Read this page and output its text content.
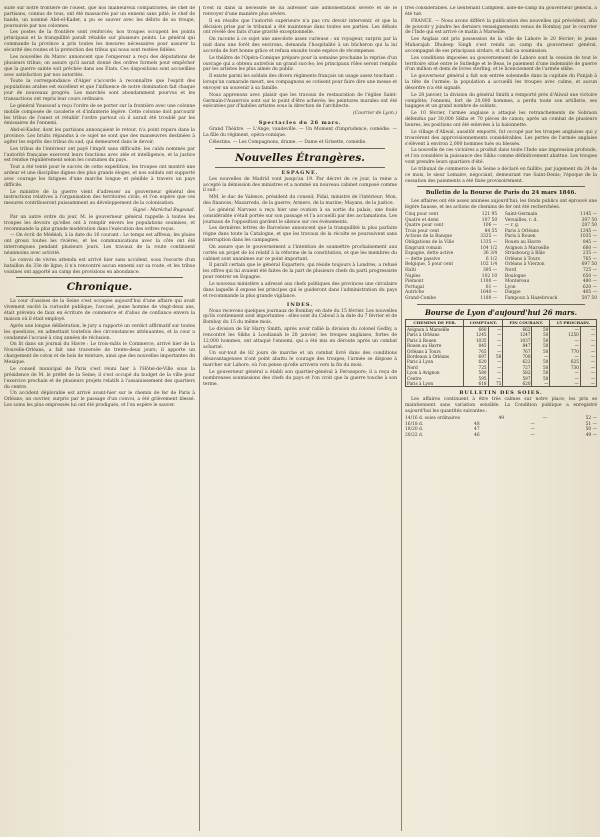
suite sur notre frontière de l'ouest, que nos malheureux compatriotes, de chef de partisans, connus de tous, ont été massacrés par un ennemi sans pitié; le chef de bande, un nommé Abd-el-Kader, a pu se sauver avec les débris de sa troupe, poursuivie par nos colonnes.

Les postes de la frontière sont renforcés; nos troupes occupent les points principaux et la tranquillité paraît rétablie sur plusieurs points. Le général qui commande la province a pris toutes les mesures nécessaires pour assurer la sécurité des routes et la protection des tribus qui nous sont restées fidèles.

Les nouvelles du Maroc annoncent que l'empereur a reçu des députations de plusieurs tribus; on assure qu'il aurait donné des ordres formels pour empêcher que la guerre sainte soit prêchée dans ses États. Ces dispositions sont accueillies avec satisfaction par nos autorités.

Toute la correspondance d'Alger s'accorde à reconnaître que l'esprit des populations arabes est excellent et que l'influence de notre domination fait chaque jour de nouveaux progrès. Les marchés sont abondamment pourvus et les transactions ont repris leur cours ordinaire.

Le général Youssouf a reçu l'ordre de se porter sur la frontière avec une colonne mobile composée de cavalerie et d'infanterie légère. Cette colonne doit parcourir les tribus de l'ouest et rétablir l'ordre partout où il aurait été troublé par les émissaires de l'ennemi.

Abd-el-Kader, dont les partisans annonçaient le retour, n'a point reparu dans la province. Les bruits répandus à ce sujet ne sont que des manœuvres destinées à agiter les esprits des tribus du sud, qui demeurent dans le devoir.

Les tribus de l'intérieur ont payé l'impôt sans difficulté; les caïds nommés par l'autorité française exercent leurs fonctions avec zèle et intelligence, et la justice est rendue régulièrement selon les coutumes du pays.

Tout a été tenté pour le succès de cette expédition; les troupes ont montré une ardeur et une discipline dignes des plus grands éloges, et nos soldats ont supporté avec courage les fatigues d'une marche longue et pénible à travers un pays difficile.

Le ministre de la guerre vient d'adresser au gouverneur général des instructions relatives à l'organisation des territoires civils, et l'on espère que ces mesures contribueront puissamment au développement de la colonisation.

Signé : Maréchal Bugeaud.

Par un autre ordre du jour, M. le gouverneur général rappelle à toutes les troupes les devoirs qu'elles ont à remplir envers les populations soumises, et recommande la plus grande modération dans l'exécution des ordres reçus.

— On écrit de Médéah, à la date du 16 courant : Le temps est affreux; les pluies ont grossi toutes les rivières, et les communications avec la côte ont été interrompues pendant plusieurs jours. Les travaux de la route continuent néanmoins avec activité.

Le convoi de vivres attendu est arrivé hier sans accident, sous l'escorte d'un bataillon du 33e de ligne; il n'a rencontré aucun ennemi sur sa route, et les tribus voisines ont apporté au camp des provisions en abondance.

Chronique.

La cour d'assises de la Seine s'est occupée aujourd'hui d'une affaire qui avait vivement excité la curiosité publique; l'accusé, jeune homme de vingt-deux ans, était prévenu de faux en écriture de commerce et d'abus de confiance envers la maison où il était employé.

Après une longue délibération, le jury a rapporté un verdict affirmatif sur toutes les questions, en admettant toutefois des circonstances atténuantes, et la cour a condamné l'accusé à cinq années de réclusion.

On lit dans un journal du Havre : Le trois-mâts le Commerce, arrivé hier de la Nouvelle-Orléans, a fait une traversée de trente-deux jours; il apporte un chargement de coton et de bois de teinture, ainsi que des nouvelles importantes du Mexique.

Le conseil municipal de Paris s'est réuni hier à l'Hôtel-de-Ville sous la présidence de M. le préfet de la Seine; il s'est occupé du budget de la ville pour l'exercice prochain et de plusieurs projets relatifs à l'assainissement des quartiers du centre.

Un accident déplorable est arrivé avant-hier sur le chemin de fer de Paris à Orléans; un ouvrier, surpris par le passage d'un convoi, a été grièvement blessé. Les soins les plus empressés lui ont été prodigués, et l'on espère le sauver.

n'est ni dans la nécessité de lui adresser une admonestation sévère et de le renvoyer d'une manière plus sévère.

Il en résulte que l'autorité supérieure n'a pas cru devoir intervenir, et que la décision prise par le tribunal a été maintenue dans toutes ses parties. Les débats ont révélé des faits d'une gravité exceptionnelle.

On raconte à ce sujet une anecdote assez curieuse : un voyageur, surpris par la nuit dans une forêt des environs, demanda l'hospitalité à un bûcheron qui la lui accorda de fort bonne grâce et refusa ensuite toute espèce de récompense.

Le théâtre de l'Opéra-Comique prépare pour la semaine prochaine la reprise d'un ouvrage qui a obtenu autrefois un grand succès; les principaux rôles seront remplis par les artistes les plus aimés du public.

Il existe parmi les soldats des divers régiments français un usage assez touchant : lorsqu'un camarade meurt, ses compagnons se cotisent pour faire dire une messe et envoyer un souvenir à sa famille.

Nous apprenons avec plaisir que les travaux de restauration de l'église Saint-Germain-l'Auxerrois sont sur le point d'être achevés; les peintures murales ont été exécutées par d'habiles artistes sous la direction de l'architecte.

(Courrier de Lyon.)

Spectacles du 26 mars.

Grand Théâtre. — L'Ange, vaudeville. — Un Moment d'imprudence, comédie. — La fille du régiment, opéra-comique.

Célestins. — Les Compagnons, drame. — Dame et Grisette, comédie.

Nouvelles Étrangères.
ESPAGNE.

Les nouvelles de Madrid vont jusqu'au 19. Par décret de ce jour, la reine a accepté la démission des ministres et a nommé un nouveau cabinet composé comme il suit :

MM. le duc de Valence, président du conseil; Pidal, ministre de l'intérieur; Mon, des finances; Mazarredo, de la guerre; Armero, de la marine; Mayans, de la justice.

Le général Narvaez a reçu hier une ovation à sa sortie du palais; une foule considérable s'était portée sur son passage et l'a accueilli par des acclamations. Les journaux de l'opposition gardent le silence sur ces événements.

Les dernières lettres de Barcelone annoncent que la tranquillité la plus parfaite règne dans toute la Catalogne, et que les travaux de la récolte se poursuivent sans interruption dans les campagnes.

On assure que le gouvernement a l'intention de soumettre prochainement aux cortès un projet de loi relatif à la réforme de la constitution, et que les membres du cabinet sont unanimes sur ce point important.

Il paraît certain que le général Espartero, qui réside toujours à Londres, a refusé les offres qui lui avaient été faites de la part de plusieurs chefs du parti progressiste pour rentrer en Espagne.

Le nouveau ministère a adressé aux chefs politiques des provinces une circulaire dans laquelle il expose les principes qui le guideront dans l'administration du pays et recommande la plus grande vigilance.

INDES.

Nous recevons quelques journaux de Bombay en date du 15 février. Les nouvelles qu'ils contiennent sont importantes : elles sont du Caboul à la date du 7 février et de Bombay du 15 du même mois.

Le division de Sir Harry Smith, après avoir rallié la division du colonel Godby, a rencontré les Sikhs à Loodianah le 28 janvier; les troupes anglaises, fortes de 12,000 hommes, ont attaqué l'ennemi, qui a été mis en déroute après un combat acharné.

Un sur-tout de 82 jours de marche et un combat livré dans des conditions désavantageuses n'ont point abattu le courage des troupes; l'armée se dispose à marcher sur Lahore, où l'on pense qu'elle arrivera vers la fin du mois.

Le gouverneur général a établi son quartier-général à Ferozepore; il a reçu de nombreuses soumissions des chefs du pays et l'on croit que la guerre touche à son terme.

très considérables. Le lieutenant Campbell, aide-de-camp du gouverneur général, a été tué.

FRANCE. — Nous avons différé la publication des nouvelles qui précèdent, afin de pouvoir y joindre les derniers renseignements venus de Bombay par le courrier de l'Inde qui est arrivé ce matin à Marseille.

Les Anglais ont pris possession de la ville de Lahore le 20 février; le jeune Maharajah Dhuleep Singh s'est rendu au camp du gouverneur général, accompagné de ses principaux sirdars, et a fait sa soumission.

Les conditions imposées au gouvernement de Lahore sont la cession de tout le territoire situé entre le Sutledge et le Beas, le paiement d'une indemnité de guerre d'un million et demi de livres sterling, et le licenciement de l'armée sikhe.

Le gouverneur général a fait son entrée solennelle dans la capitale du Punjab à la tête de l'armée; la population a accueilli les troupes avec calme, et aucun désordre n'a été signalé.

Le 28 janvier, la division du général Smith a remporté près d'Aliwal une victoire complète; l'ennemi, fort de 20,000 hommes, a perdu toute son artillerie, ses bagages et un grand nombre de soldats.

Le 10 février, l'armée anglaise a attaqué les retranchements de Sobraon défendus par 30,000 Sikhs et 70 pièces de canon; après un combat de plusieurs heures, les positions ont été enlevées à la baïonnette.

Le village d'Aliwal, aussitôt emporté, fut occupé par les troupes anglaises qui y trouvèrent des approvisionnements considérables. Les pertes de l'armée anglaise s'élèvent à environ 2,000 hommes tués ou blessés.

La nouvelle de ces victoires a produit dans toute l'Inde une impression profonde, et l'on considère la puissance des Sikhs comme définitivement abattue. Les troupes vont prendre leurs quartiers d'été.

Le tribunal de commerce de la Seine a déclaré en faillite, par jugement du 24 de ce mois, le sieur Lemaire, négociant, demeurant rue Saint-Denis; l'époque de la cessation des paiements a été fixée provisoirement.

Bulletin de la Bourse de Paris du 24 mars 1846.

Les affaires ont été assez animées aujourd'hui; les fonds publics ont éprouvé une légère hausse, et les actions de chemins de fer ont été recherchées.

Cinq pour cent	121 95
Quatre et demi	107 50
Quatre pour cent	106 —
Trois pour cent	84 55
Actions de la Banque	3325 —
Obligations de la Ville	1335 —
Emprunt romain	104 1/2
Espagne, dette active	36 3/4
— dette passive	6 1/2
Belgique, 5 pour cent	102 1/4
Haïti	395 —
Naples	102 10
Piémont	1180 —
Portugal	61 —
Autriche	1640 —
Grand-Combe	1180 —
Saint-Germain	1145 —
Versailles, r. d.	397 50
— r. g.	287 50
Paris à Orléans	1245 —
Paris à Rouen	1035 —
Rouen au Havre	845 —
Avignon à Marseille	660 —
Strasbourg à Bâle	235 —
Orléans à Tours	765 —
Orléans à Vierzon	697 50
Nord	725 —
Boulogne	650 —
Montereau	480 —
Lyon	620 —
Dieppe	405 —
Fampoux à Hazebrouck	507 50
Bourse de Lyon d'aujourd'hui 26 mars.
CHEMINS DE FER.	COMPTANT.		FIN COURANT.		15 PROCHAIN.	
Avignon à Marseille	660	—	662	50	—	—
Paris à Orléans	1245	—	1247	50	1250	—
Paris à Rouen	1035	—	1037	50	—	—
Rouen au Havre	845	—	847	50	—	—
Orléans à Tours	765	—	767	50	770	—
Bordeaux à Orléans	697	50	700	—	—	—
Paris à Lyon	620	—	622	50	625	—
Nord	725	—	727	50	730	—
Lyon à Avignon	580	—	582	50	—	—
Centre	595	—	597	50	—	—
Paris à Lyon	618	75	620	—	—	—
BULLETIN DES SOIES.

Les affaires continuent à être très calmes sur notre place; les prix se maintiennent sans variation sensible. La Condition publique a enregistré aujourd'hui les quantités suivantes :

14/16 d. soies ordinaires	49	—	52 —
16/18 d.	48	—	51 —
18/20 d.	47	—	50 —
20/22 d.	46	—	49 —
